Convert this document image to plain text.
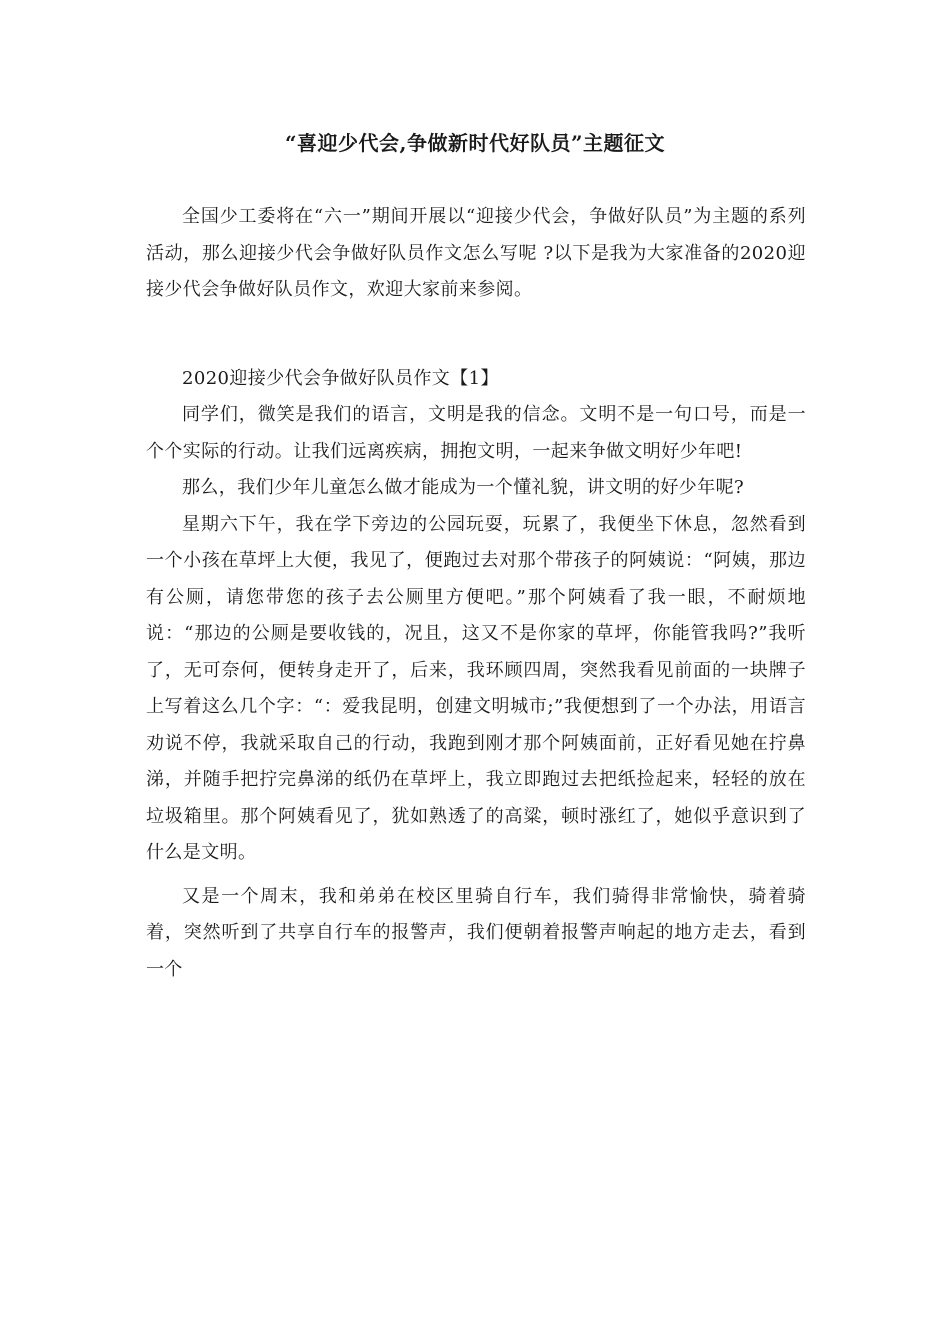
“喜迎少代会,争做新时代好队员”主题征文

全国少工委将在“六一”期间开展以“迎接少代会，争做好队员”为主题的系列活动，那么迎接少代会争做好队员作文怎么写呢 ?以下是我为大家准备的2020迎接少代会争做好队员作文，欢迎大家前来参阅。

2020迎接少代会争做好队员作文【1】

同学们，微笑是我们的语言，文明是我的信念。文明不是一句口号，而是一个个实际的行动。让我们远离疾病，拥抱文明，一起来争做文明好少年吧!

那么，我们少年儿童怎么做才能成为一个懂礼貌，讲文明的好少年呢?

星期六下午，我在学下旁边的公园玩耍，玩累了，我便坐下休息，忽然看到一个小孩在草坪上大便，我见了，便跑过去对那个带孩子的阿姨说：“阿姨，那边有公厕，请您带您的孩子去公厕里方便吧。”那个阿姨看了我一眼，不耐烦地说：“那边的公厕是要收钱的，况且，这又不是你家的草坪，你能管我吗?”我听了，无可奈何，便转身走开了，后来，我环顾四周，突然我看见前面的一块牌子上写着这么几个字：“：爱我昆明，创建文明城市;”我便想到了一个办法，用语言劝说不停，我就采取自己的行动，我跑到刚才那个阿姨面前，正好看见她在拧鼻涕，并随手把拧完鼻涕的纸仍在草坪上，我立即跑过去把纸捡起来，轻轻的放在垃圾箱里。那个阿姨看见了，犹如熟透了的高粱，顿时涨红了，她似乎意识到了什么是文明。

又是一个周末，我和弟弟在校区里骑自行车，我们骑得非常愉快，骑着骑着，突然听到了共享自行车的报警声，我们便朝着报警声响起的地方走去，看到一个
